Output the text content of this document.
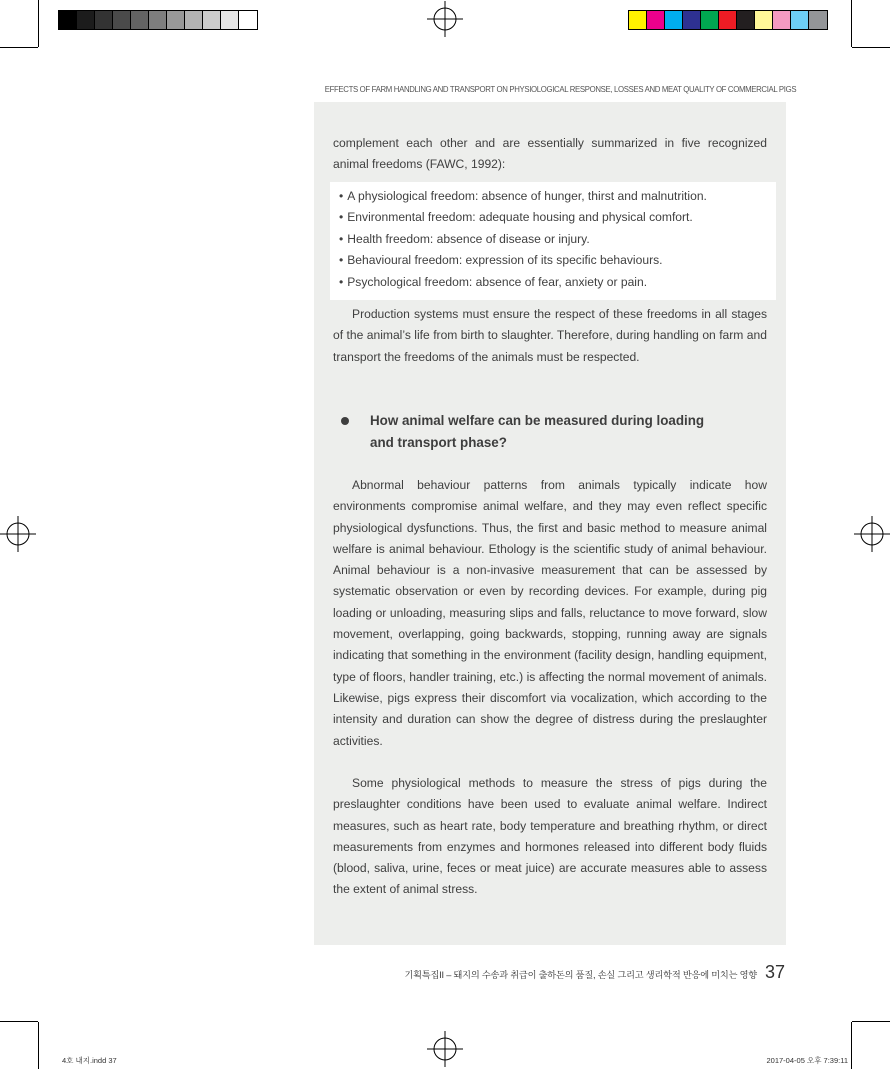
EFFECTS OF FARM HANDLING AND TRANSPORT ON PHYSIOLOGICAL RESPONSE, LOSSES AND MEAT QUALITY OF COMMERCIAL PIGS

complement each other and are essentially summarized in five recognized animal freedoms (FAWC, 1992):

• A physiological freedom: absence of hunger, thirst and malnutrition.
• Environmental freedom: adequate housing and physical comfort.
• Health freedom: absence of disease or injury.
• Behavioural freedom: expression of its specific behaviours.
• Psychological freedom: absence of fear, anxiety or pain.

Production systems must ensure the respect of these freedoms in all stages of the animal’s life from birth to slaughter. Therefore, during handling on farm and transport the freedoms of the animals must be respected.

How animal welfare can be measured during loading
and transport phase?

Abnormal behaviour patterns from animals typically indicate how environments compromise animal welfare, and they may even reflect specific physiological dysfunctions. Thus, the first and basic method to measure animal welfare is animal behaviour. Ethology is the scientific study of animal behaviour. Animal behaviour is a non-invasive measurement that can be assessed by systematic observation or even by recording devices. For example, during pig loading or unloading, measuring slips and falls, reluctance to move forward, slow movement, overlapping, going backwards, stopping, running away are signals indicating that something in the environment (facility design, handling equipment, type of floors, handler training, etc.) is affecting the normal movement of animals. Likewise, pigs express their discomfort via vocalization, which according to the intensity and duration can show the degree of distress during the preslaughter activities.

Some physiological methods to measure the stress of pigs during the preslaughter conditions have been used to evaluate animal welfare. Indirect measures, such as heart rate, body temperature and breathing rhythm, or direct measurements from enzymes and hormones released into different body fluids (blood, saliva, urine, feces or meat juice) are accurate measures able to assess the extent of animal stress.

기획특집II – 돼지의 수송과 취급이 출하돈의 품질, 손실 그리고 생리학적 반응에 미치는 영향 37
4호 내지.indd 37	2017-04-05 오후 7:39:11
